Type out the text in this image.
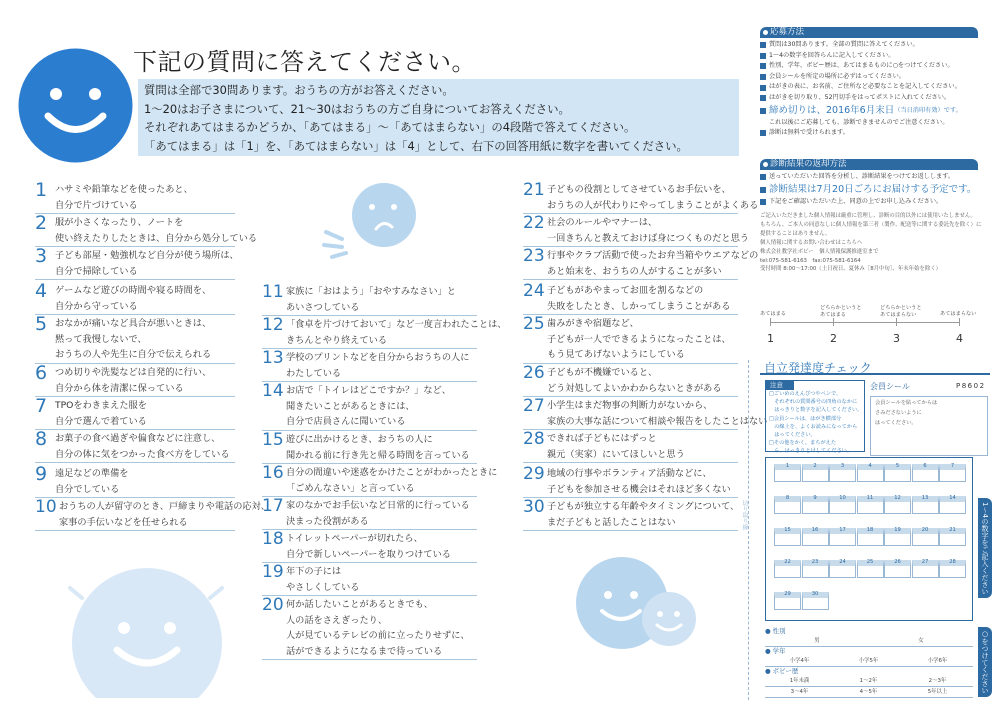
下記の質問に答えてください。

質問は全部で30問あります。おうちの方がお答えください。

1～20はお子さまについて、21～30はおうちの方ご自身についてお答えください。

それぞれあてはまるかどうか、「あてはまる」～「あてはまらない」の4段階で答えてください。

「あてはまる」は「1」を、「あてはまらない」は「4」として、右下の回答用紙に数字を書いてください。

1 ハサミや鉛筆などを使ったあと、
自分で片づけている
2 服が小さくなったり、ノートを
使い終えたりしたときは、自分から処分している
3 子ども部屋・勉強机など自分が使う場所は、
自分で掃除している
4 ゲームなど遊びの時間や寝る時間を、
自分から守っている
5 おなかが痛いなど具合が悪いときは、
黙って我慢しないで、
おうちの人や先生に自分で伝えられる
6 つめ切りや洗髪などは自発的に行い、
自分から体を清潔に保っている
7 TPOをわきまえた服を
自分で選んで着ている
8 お菓子の食べ過ぎや偏食などに注意し、
自分の体に気をつかった食べ方をしている
9 遠足などの準備を
自分でしている
10 おうちの人が留守のとき、戸締まりや電話の応対、
家事の手伝いなどを任せられる
11 家族に「おはよう」「おやすみなさい」と
あいさつしている
12 「食卓を片づけておいて」など一度言われたことは、
きちんとやり終えている
13 学校のプリントなどを自分からおうちの人に
わたしている
14 お店で「トイレはどこですか？」など、
聞きたいことがあるときには、
自分で店員さんに聞いている
15 遊びに出かけるとき、おうちの人に
聞かれる前に行き先と帰る時間を言っている
16 自分の間違いや迷惑をかけたことがわかったときに
「ごめんなさい」と言っている
17 家のなかでお手伝いなど日常的に行っている
決まった役割がある
18 トイレットペーパーが切れたら、
自分で新しいペーパーを取りつけている
19 年下の子には
やさしくしている
20 何か話したいことがあるときでも、
人の話をさえぎったり、
人が見ているテレビの前に立ったりせずに、
話ができるようになるまで待っている
21 子どもの役割としてさせているお手伝いを、
おうちの人が代わりにやってしまうことがよくある
22 社会のルールやマナーは、
一回きちんと教えておけば身につくものだと思う
23 行事やクラブ活動で使ったお弁当箱やウエアなどの
あと始末を、おうちの人がすることが多い
24 子どもがあやまってお皿を割るなどの
失敗をしたとき、しかってしまうことがある
25 歯みがきや宿題など、
子どもが一人でできるようになったことは、
もう見てあげないようにしている
26 子どもが不機嫌でいると、
どう対処してよいかわからないときがある
27 小学生はまだ物事の判断力がないから、
家族の大事な話について相談や報告をしたことはない
28 できれば子どもにはずっと
親元（実家）にいてほしいと思う
29 地域の行事やボランティア活動などに、
子どもを参加させる機会はそれほど多くない
30 子どもが独立する年齢やタイミングについて、
まだ子どもと話したことはない
応募方法
質問は30問あります。全部の質問に答えてください。
1～4の数字を回答らんに記入してください。
性別、学年、ボビー歴は、あてはまるものに○をつけてください。
会員シールを所定の場所に必ずはってください。
はがきの表に、お名前、ご住所など必要なことを記入してください。
はがきを切り取り、52円切手をはってポストに入れてください。
締め切りは、2016年6月末日 （当日消印有効）です。
これ以後にご応募しても、診断できませんのでご注意ください。
診断は無料で受けられます。
診断結果の返却方法
送っていただいた回答を分析し、診断結果をつけてお返しします。
診断結果は7月20日ごろにお届けする予定です。
下記をご確認いただいた上、同意の上でお申し込みください。
ご記入いただきました個人情報は厳重に管理し、診断の目的以外には使用いたしません。
もちろん、ご本人の同意なしに個人情報を第三者（製作、配送等に関する委託先を除く）に
提供することはありません。
個人情報に関するお問い合わせはこちらへ
株式会社教学社ボビー　個人情報保護推進室まで
tel:075-581-6163　fax:075-581-6164
受付時間 8:00～17:00（土日祝日、夏休み［8月中旬］、年末年始を除く）
あてはまる
どちらかというと
あてはまる
どちらかというと
あてはまらない	あてはまらない
1	2	3	4
切り取り線
自立発達度チェック
注意
□ごいめのえんぴつやペンで、
　それぞれの質問番号の四角のなかに
　はっきりと数字を記入してください。
□会員シールは、はがき横部分
　の線上を、よくお読みになってから
　はってください。
□その他をかく。まちがえた
　ら、はっきりとけしてください。
会員シール	P8602
会員シールを貼ってからは
さみださないように
はってください。
1	2	3	4	5	6	7
8	9	10	11	12	13	14
15	16	17	18	19	20	21
22	23	24	25	26	27	28
29	30	1～4の数字をご記入ください
○をつけてください
● 性別
男	女
● 学年
小学4年	小学5年	小学6年
● ボビー歴
1年未満	1～2年	2～3年
3～4年	4～5年	5年以上
